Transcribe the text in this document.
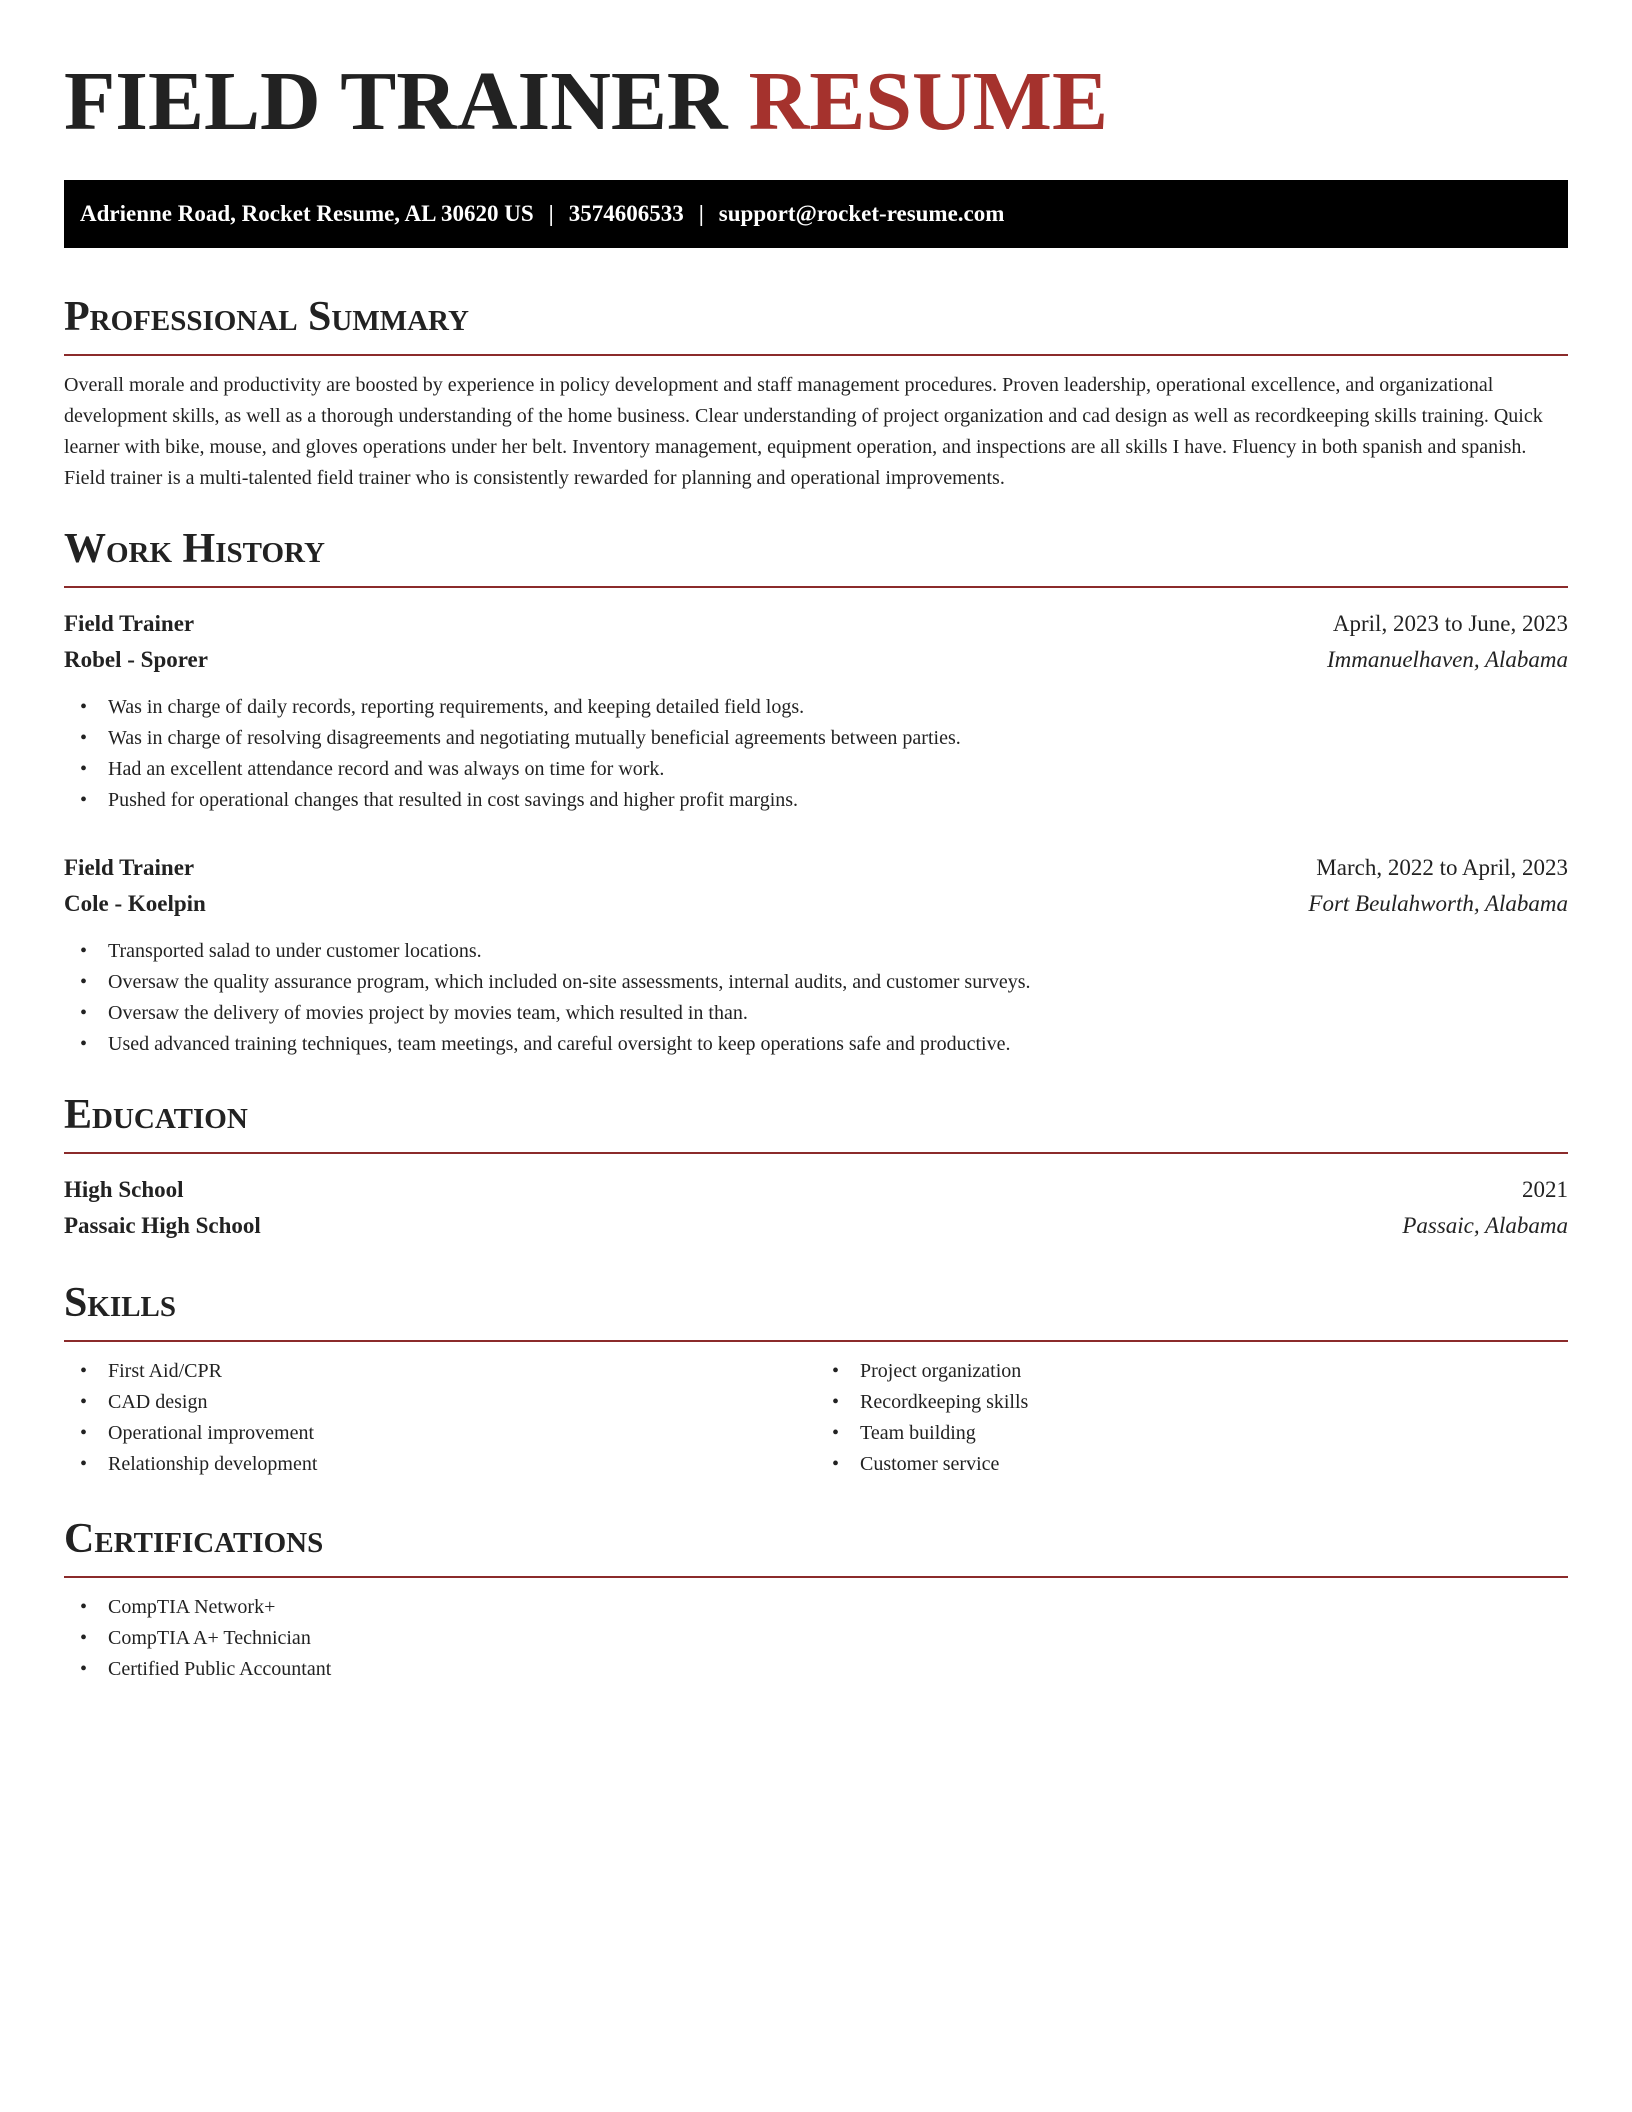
FIELD TRAINER RESUME
Adrienne Road, Rocket Resume, AL 30620 US | 3574606533 | support@rocket-resume.com
Professional Summary

Overall morale and productivity are boosted by experience in policy development and staff management procedures. Proven leadership, operational excellence, and organizational development skills, as well as a thorough understanding of the home business. Clear understanding of project organization and cad design as well as recordkeeping skills training. Quick learner with bike, mouse, and gloves operations under her belt. Inventory management, equipment operation, and inspections are all skills I have. Fluency in both spanish and spanish. Field trainer is a multi-talented field trainer who is consistently rewarded for planning and operational improvements.

Work History
Field Trainer	April, 2023 to June, 2023
Robel - Sporer	Immanuelhaven, Alabama
• Was in charge of daily records, reporting requirements, and keeping detailed field logs.
• Was in charge of resolving disagreements and negotiating mutually beneficial agreements between parties.
• Had an excellent attendance record and was always on time for work.
• Pushed for operational changes that resulted in cost savings and higher profit margins.
Field Trainer	March, 2022 to April, 2023
Cole - Koelpin	Fort Beulahworth, Alabama
• Transported salad to under customer locations.
• Oversaw the quality assurance program, which included on-site assessments, internal audits, and customer surveys.
• Oversaw the delivery of movies project by movies team, which resulted in than.
• Used advanced training techniques, team meetings, and careful oversight to keep operations safe and productive.
Education
High School	2021
Passaic High School	Passaic, Alabama
Skills
• First Aid/CPR
• CAD design
• Operational improvement
• Relationship development
• Project organization
• Recordkeeping skills
• Team building
• Customer service
Certifications
• CompTIA Network+
• CompTIA A+ Technician
• Certified Public Accountant
